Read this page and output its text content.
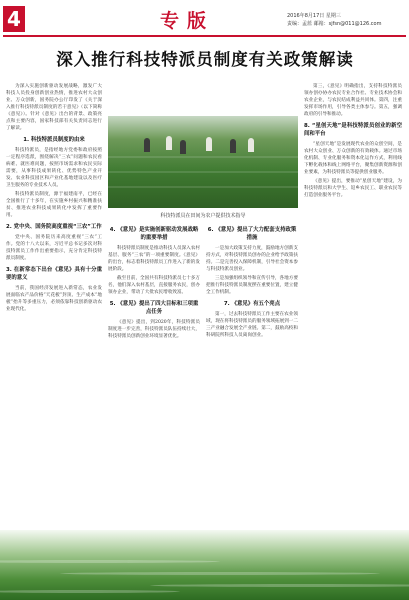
4	专版	2016年8月17日 星期三
责编：孟蓝 邮箱：sjfsn@011@126.com
深入推行科技特派员制度有关政策解读

为深入实施创新驱动发展战略，激发广大科技人员投身创新创业热情，推进农村大众创业、万众创新，国务院办公厅印发了《关于深入推行科技特派员制度的若干意见》（以下简称《意见》）。针对《意见》出台的背景、政策亮点和主要内容，国家科技部有关负责同志进行了解读。

1. 科技特派员制度的由来

科技特派员，是指经地方党委和政府按照一定程序选派，围绕解决“三农”问题和农民看病难、就医难问题，按照市场需求和农民实际需要，从事科技成果转化、优势特色产业开发、农业科技园区和产业化基地建设以及医疗卫生服务的专业技术人员。

科技特派员制度，源于福建南平，已经在全国推行了十多年，在实施乡村振兴和精准扶贫、推进农业科技成果转化中发挥了重要作用。

2. 党中央、国务院高度重视“三农”工作

党中央、国务院历来高度重视“三农”工作。党的十八大以来，习近平总书记多次对科技特派员工作作出重要指示，充分肯定科技特派员制度。

3. 在新常态下出台《意见》具有十分重要的意义

当前，我国经济发展进入新常态，农业发展面临农产品价格“天花板”封顶、生产成本“地板”抬升等多重压力，必须依靠科技创新驱动农业现代化。

科技特派员在田间为农户提供技术指导
4. 《意见》是实施创新驱动发展战略的重要举措

科技特派员制度是推动科技人员深入农村基层、服务“三农”的一项重要制度。《意见》的出台，标志着科技特派员工作进入了新的发展阶段。

截至目前，全国共有科技特派员七十多万名，他们深入农村基层，直接服务农民，创办领办企业，带动了大批农民增收致富。

5. 《意见》提出了四大目标和三项重点任务

《意见》提出，到2020年，科技特派员制度进一步完善，科技特派员队伍持续壮大，科技特派员创新创业环境显著优化。

6. 《意见》提出了大力配套支持政策措施

一是加大政策支持力度，鼓励地方创新支持方式，对科技特派员创办的企业给予政策扶持。二是完善投入保障机制，引导社会资本参与科技特派员创业。

三是加强组织领导和宣传引导，各地方要把推行科技特派员制度摆在重要位置，建立健全工作机制。

7. 《意见》有五个亮点

第一，过去科技特派员工作主要在农业领域，现在将科技特派员的服务领域拓展到一二三产业融合发展全产业链。第二，鼓励高校和科研院所科技人员离岗创业。

第三，《意见》明确指出，支持科技特派员领办创办协办农民专业合作社、专业技术协会和农业企业，与农民结成利益共同体。第四，注重发挥市场作用，引导各类主体参与。第五，强调政府的引导和推动。

8. “星创天地”是科技特派员创业的新空间和平台

“星创天地”是发展现代农业的众创空间，是农村大众创业、万众创新的有效载体。通过市场化机制、专业化服务和资本化运作方式，利用线下孵化载体和线上网络平台，聚集创新资源和创业要素，为科技特派员等提供创业服务。

《意见》提出，要推动“星创天地”建设，为科技特派员和大学生、返乡农民工、职业农民等打造创业服务平台。
